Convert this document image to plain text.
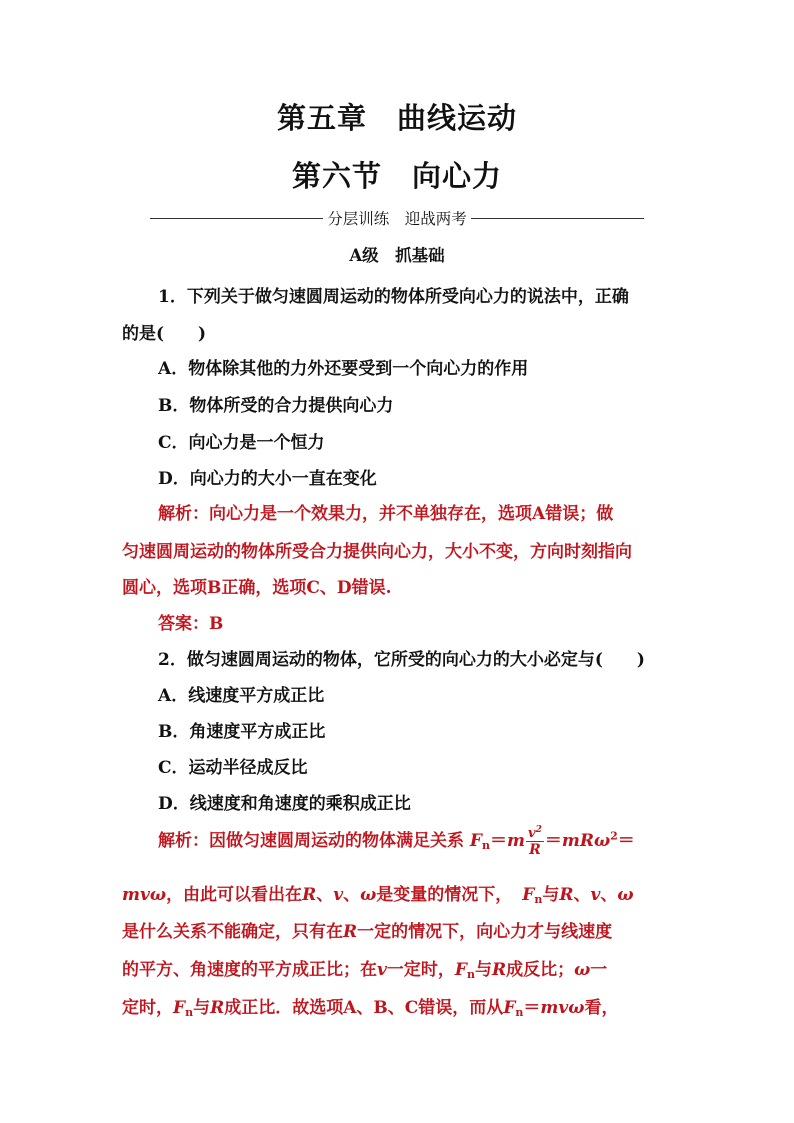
第五章　曲线运动
第六节　向心力
分层训练　迎战两考
A级　抓基础
1．下列关于做匀速圆周运动的物体所受向心力的说法中，正确
的是(　　)
A．物体除其他的力外还要受到一个向心力的作用
B．物体所受的合力提供向心力
C．向心力是一个恒力
D．向心力的大小一直在变化
解析：向心力是一个效果力，并不单独存在，选项A错误；做
匀速圆周运动的物体所受合力提供向心力，大小不变，方向时刻指向
圆心，选项B正确，选项C、D错误.
答案：B
2．做匀速圆周运动的物体，它所受的向心力的大小必定与(　　)
A．线速度平方成正比
B．角速度平方成正比
C．运动半径成反比
D．线速度和角速度的乘积成正比
解析：因做匀速圆周运动的物体满足关系 $F_n=m \frac{v^2}{R} =mR\omega^2=$
mvω，由此可以看出在R、v、ω是变量的情况下， $F_n$与R、v、ω
是什么关系不能确定，只有在R一定的情况下，向心力才与线速度
的平方、角速度的平方成正比；在v一定时，$F_n$与R成反比；ω一
定时，$F_n$与R成正比．故选项A、B、C错误，而从$F_n=mv\omega$看，
